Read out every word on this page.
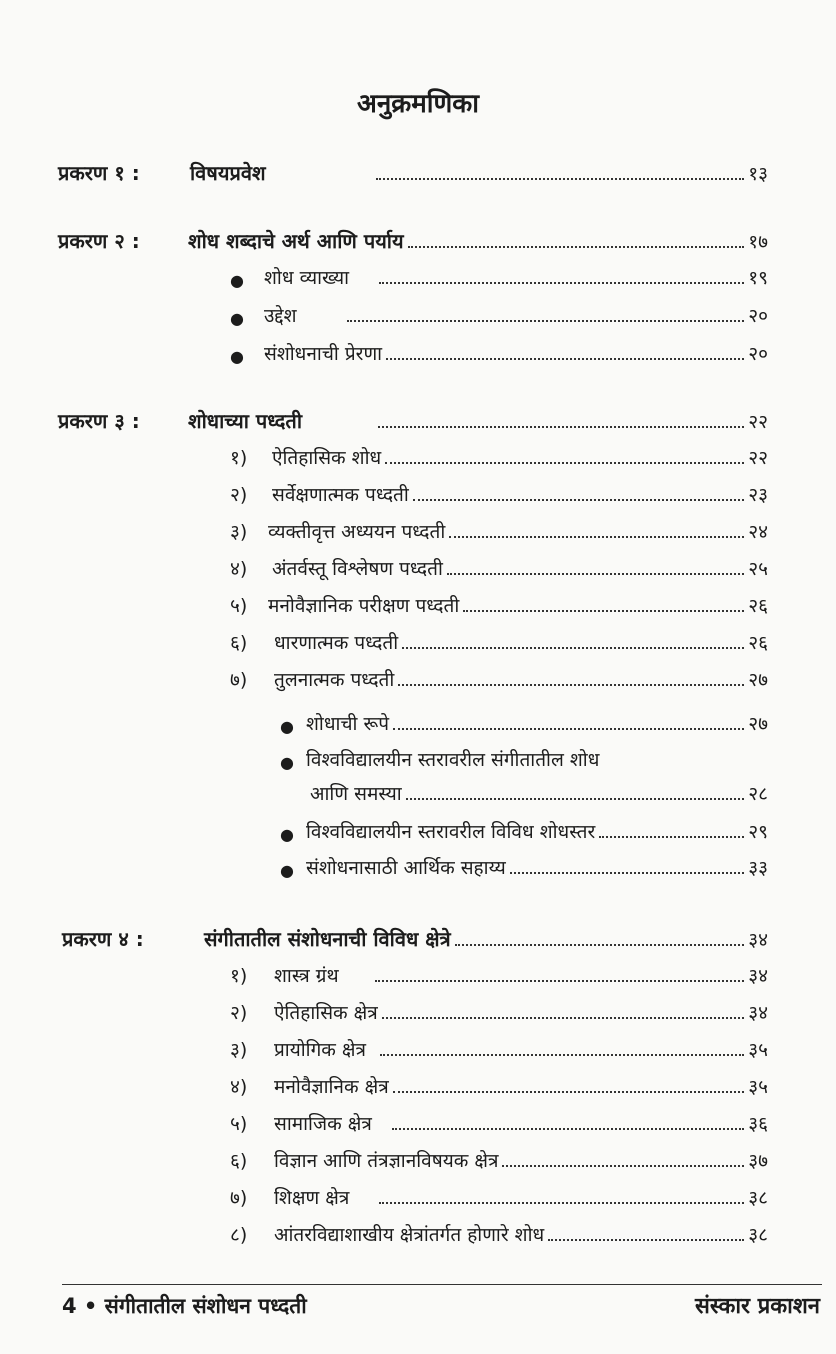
अनुक्रमणिका
प्रकरण १ :	विषयप्रवेश	१३
प्रकरण २ :	शोध शब्दाचे अर्थ आणि पर्याय	१७
●	शोध व्याख्या	१९
●	उद्देश	२०
●	संशोधनाची प्रेरणा	२०
प्रकरण ३ :	शोधाच्या पध्दती	२२
१)	ऐतिहासिक शोध	२२
२)	सर्वेक्षणात्मक पध्दती	२३
३)	व्यक्तीवृत्त अध्ययन पध्दती	२४
४)	अंतर्वस्तू विश्लेषण पध्दती	२५
५)	मनोवैज्ञानिक परीक्षण पध्दती	२६
६)	धारणात्मक पध्दती	२६
७)	तुलनात्मक पध्दती	२७
● शोधाची रूपे	२७
● विश्वविद्यालयीन स्तरावरील संगीतातील शोध
आणि समस्या	२८
● विश्वविद्यालयीन स्तरावरील विविध शोधस्तर	२९
● संशोधनासाठी आर्थिक सहाय्य	३३
प्रकरण ४ :	संगीतातील संशोधनाची विविध क्षेत्रे	३४
१)	शास्त्र ग्रंथ	३४
२)	ऐतिहासिक क्षेत्र	३४
३)	प्रायोगिक क्षेत्र	३५
४)	मनोवैज्ञानिक क्षेत्र	३५
५)	सामाजिक क्षेत्र	३६
६)	विज्ञान आणि तंत्रज्ञानविषयक क्षेत्र	३७
७)	शिक्षण क्षेत्र	३८
८)	आंतरविद्याशाखीय क्षेत्रांतर्गत होणारे शोध	३८
4 • संगीतातील संशोधन पध्दती	संस्कार प्रकाशन
